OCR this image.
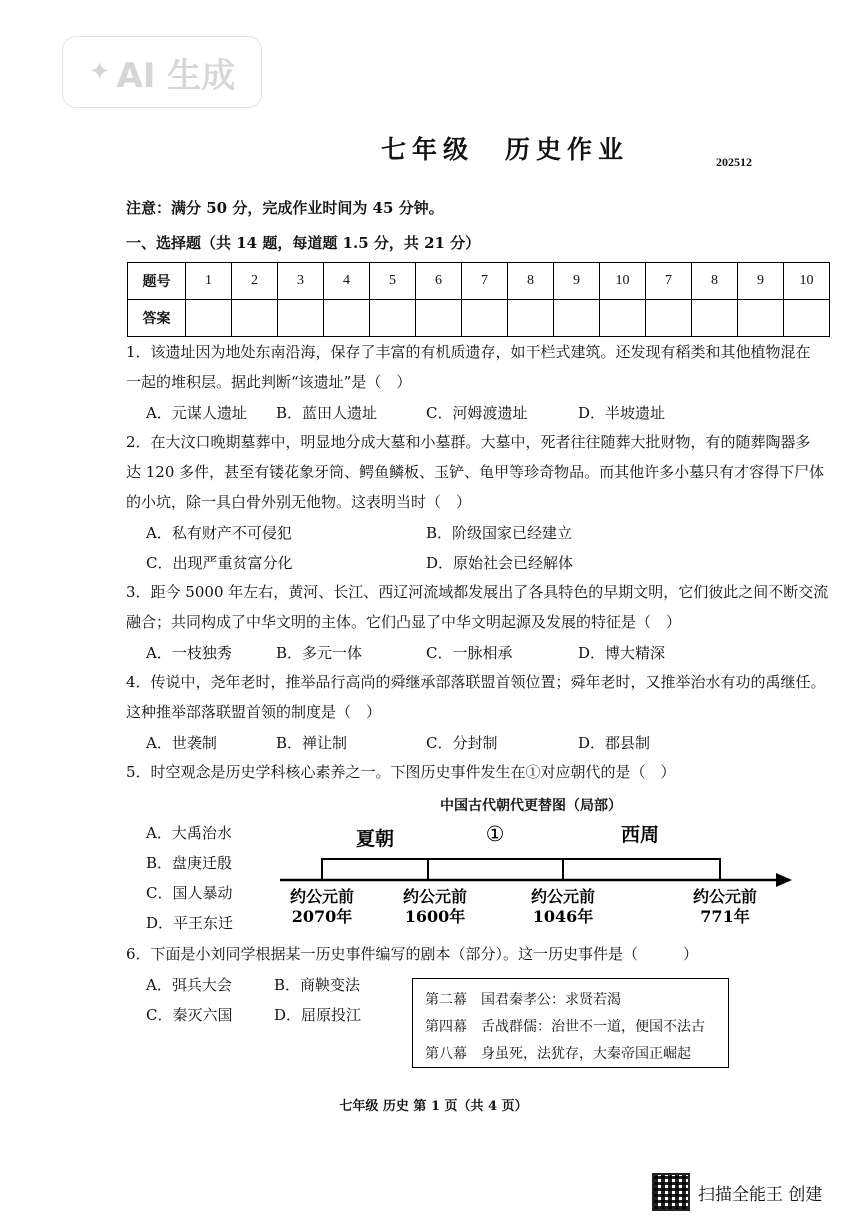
✦ AI 生成
七年级　历史作业	202512
注意：满分 50 分，完成作业时间为 45 分钟。
一、选择题（共 14 题，每道题 1.5 分，共 21 分）
题号	1	2	3	4	5	6	7	8	9	10	7	8	9	10
答案														
1．该遗址因为地处东南沿海，保存了丰富的有机质遗存，如干栏式建筑。还发现有稻类和其他植物混在
一起的堆积层。据此判断“该遗址”是（　）
A．元谋人遗址 B．蓝田人遗址	C．河姆渡遗址	D．半坡遗址
2．在大汶口晚期墓葬中，明显地分成大墓和小墓群。大墓中，死者往往随葬大批财物，有的随葬陶器多
达 120 多件，甚至有镂花象牙筒、鳄鱼鳞板、玉铲、龟甲等珍奇物品。而其他许多小墓只有才容得下尸体
的小坑，除一具白骨外别无他物。这表明当时（　）
A．私有财产不可侵犯	B．阶级国家已经建立
C．出现严重贫富分化	D．原始社会已经解体
3．距今 5000 年左右，黄河、长江、西辽河流域都发展出了各具特色的早期文明，它们彼此之间不断交流
融合；共同构成了中华文明的主体。它们凸显了中华文明起源及发展的特征是（　）
A．一枝独秀	B．多元一体	C．一脉相承	D．博大精深
4．传说中，尧年老时，推举品行高尚的舜继承部落联盟首领位置；舜年老时，又推举治水有功的禹继任。
这种推举部落联盟首领的制度是（　）
A．世袭制	B．禅让制	C．分封制	D．郡县制
5．时空观念是历史学科核心素养之一。下图历史事件发生在①对应朝代的是（　）
A．大禹治水
B．盘庚迁殷
C．国人暴动
D．平王东迁
中国古代朝代更替图（局部）
夏朝	①	西周
约公元前
2070年
约公元前
1600年
约公元前
1046年
约公元前
771年
6．下面是小刘同学根据某一历史事件编写的剧本（部分）。这一历史事件是（　　　）
A．弭兵大会	B．商鞅变法
C．秦灭六国	D．屈原投江
第二幕　国君秦孝公：求贤若渴
第四幕　舌战群儒：治世不一道，便国不法古
第八幕　身虽死，法犹存，大秦帝国正崛起
七年级 历史 第 1 页（共 4 页）
扫描全能王 创建
